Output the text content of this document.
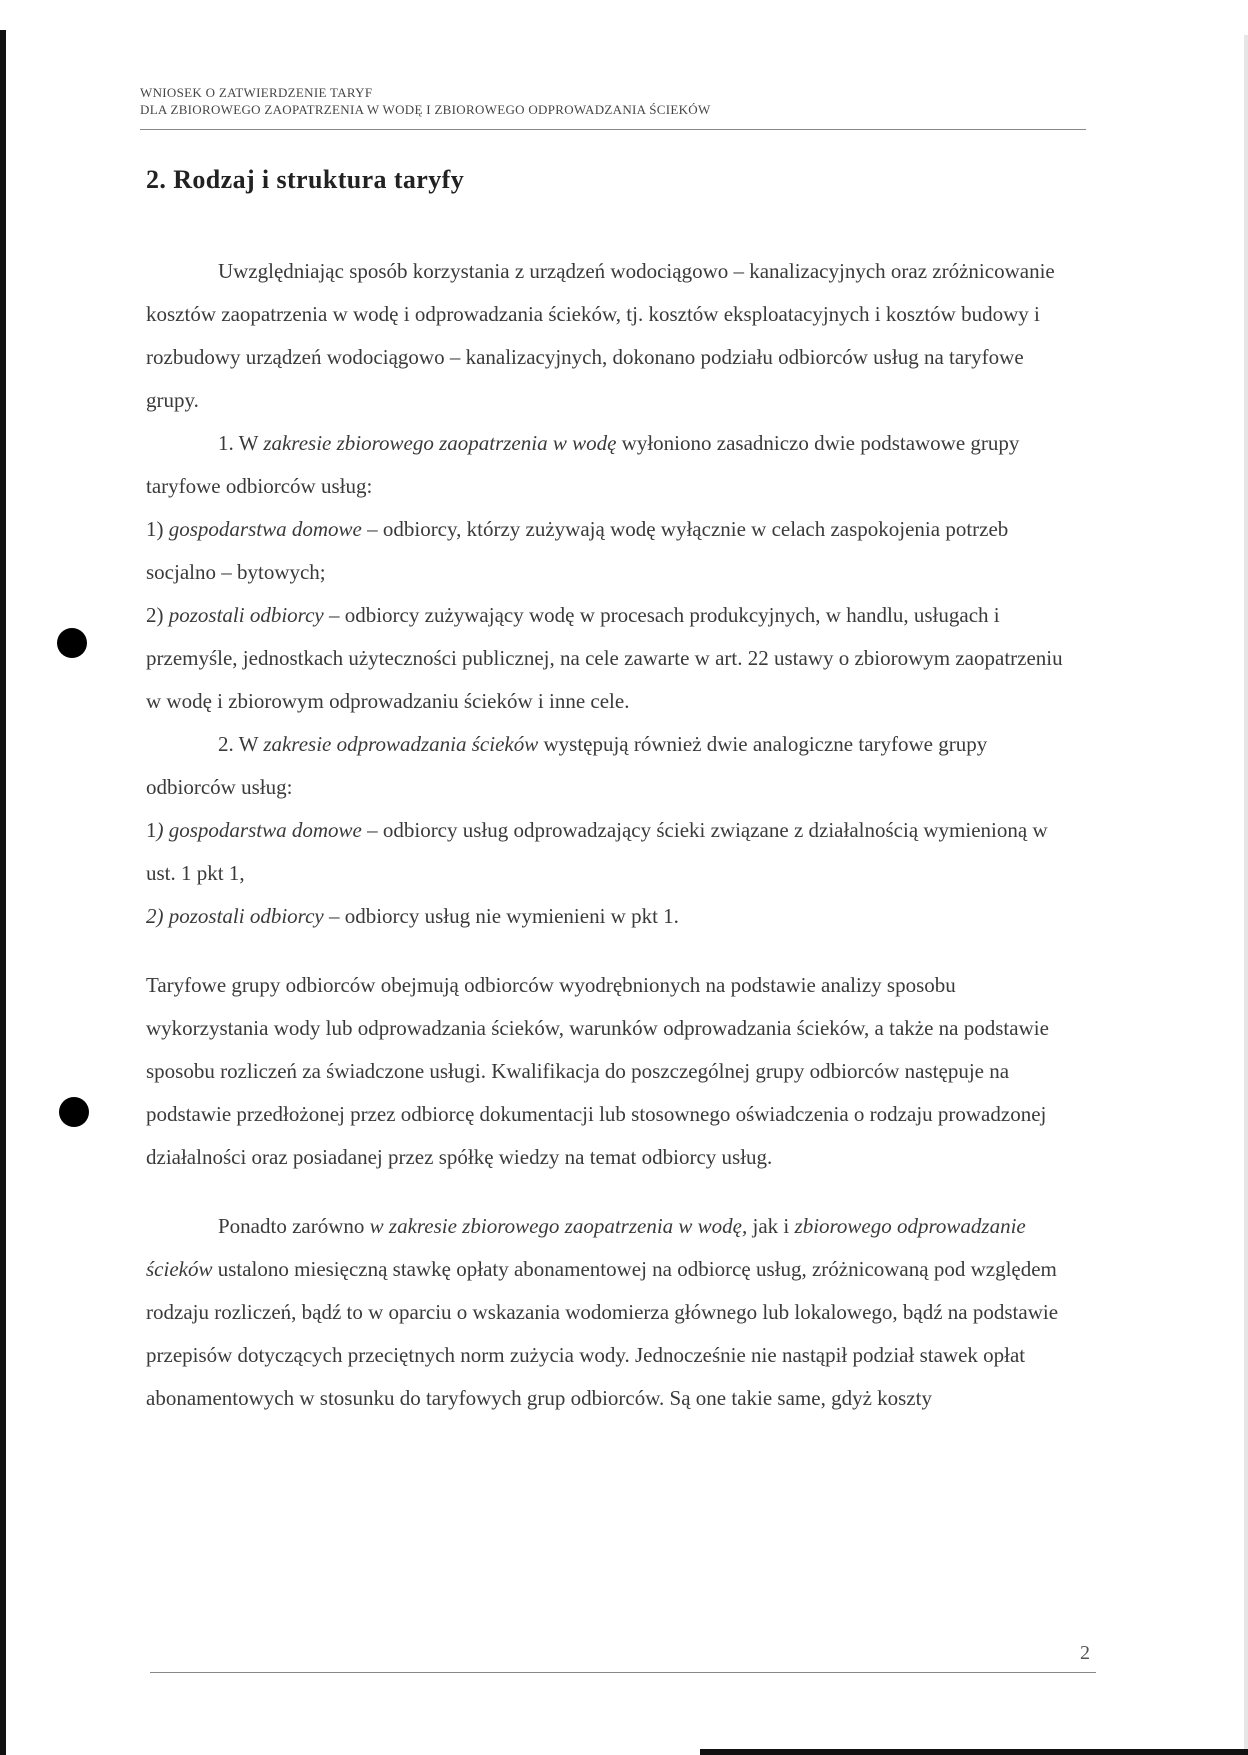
WNIOSEK O ZATWIERDZENIE TARYF
DLA ZBIOROWEGO ZAOPATRZENIA W WODĘ I ZBIOROWEGO ODPROWADZANIA ŚCIEKÓW
2. Rodzaj i struktura taryfy

Uwzględniając sposób korzystania z urządzeń wodociągowo – kanalizacyjnych oraz zróżnicowanie kosztów zaopatrzenia w wodę i odprowadzania ścieków, tj. kosztów eksploatacyjnych i kosztów budowy i rozbudowy urządzeń wodociągowo – kanalizacyjnych, dokonano podziału odbiorców usług na taryfowe grupy.

1. W zakresie zbiorowego zaopatrzenia w wodę wyłoniono zasadniczo dwie podstawowe grupy taryfowe odbiorców usług:

1) gospodarstwa domowe – odbiorcy, którzy zużywają wodę wyłącznie w celach zaspokojenia potrzeb socjalno – bytowych;

2) pozostali odbiorcy – odbiorcy zużywający wodę w procesach produkcyjnych, w handlu, usługach i przemyśle, jednostkach użyteczności publicznej, na cele zawarte w art. 22 ustawy o zbiorowym zaopatrzeniu w wodę i zbiorowym odprowadzaniu ścieków i inne cele.

2. W zakresie odprowadzania ścieków występują również dwie analogiczne taryfowe grupy odbiorców usług:

1) gospodarstwa domowe – odbiorcy usług odprowadzający ścieki związane z działalnością wymienioną w ust. 1 pkt 1,

2) pozostali odbiorcy – odbiorcy usług nie wymienieni w pkt 1.

Taryfowe grupy odbiorców obejmują odbiorców wyodrębnionych na podstawie analizy sposobu wykorzystania wody lub odprowadzania ścieków, warunków odprowadzania ścieków, a także na podstawie sposobu rozliczeń za świadczone usługi. Kwalifikacja do poszczególnej grupy odbiorców następuje na podstawie przedłożonej przez odbiorcę dokumentacji lub stosownego oświadczenia o rodzaju prowadzonej działalności oraz posiadanej przez spółkę wiedzy na temat odbiorcy usług.

Ponadto zarówno w zakresie zbiorowego zaopatrzenia w wodę, jak i zbiorowego odprowadzanie ścieków ustalono miesięczną stawkę opłaty abonamentowej na odbiorcę usług, zróżnicowaną pod względem rodzaju rozliczeń, bądź to w oparciu o wskazania wodomierza głównego lub lokalowego, bądź na podstawie przepisów dotyczących przeciętnych norm zużycia wody. Jednocześnie nie nastąpił podział stawek opłat abonamentowych w stosunku do taryfowych grup odbiorców. Są one takie same, gdyż koszty

2
